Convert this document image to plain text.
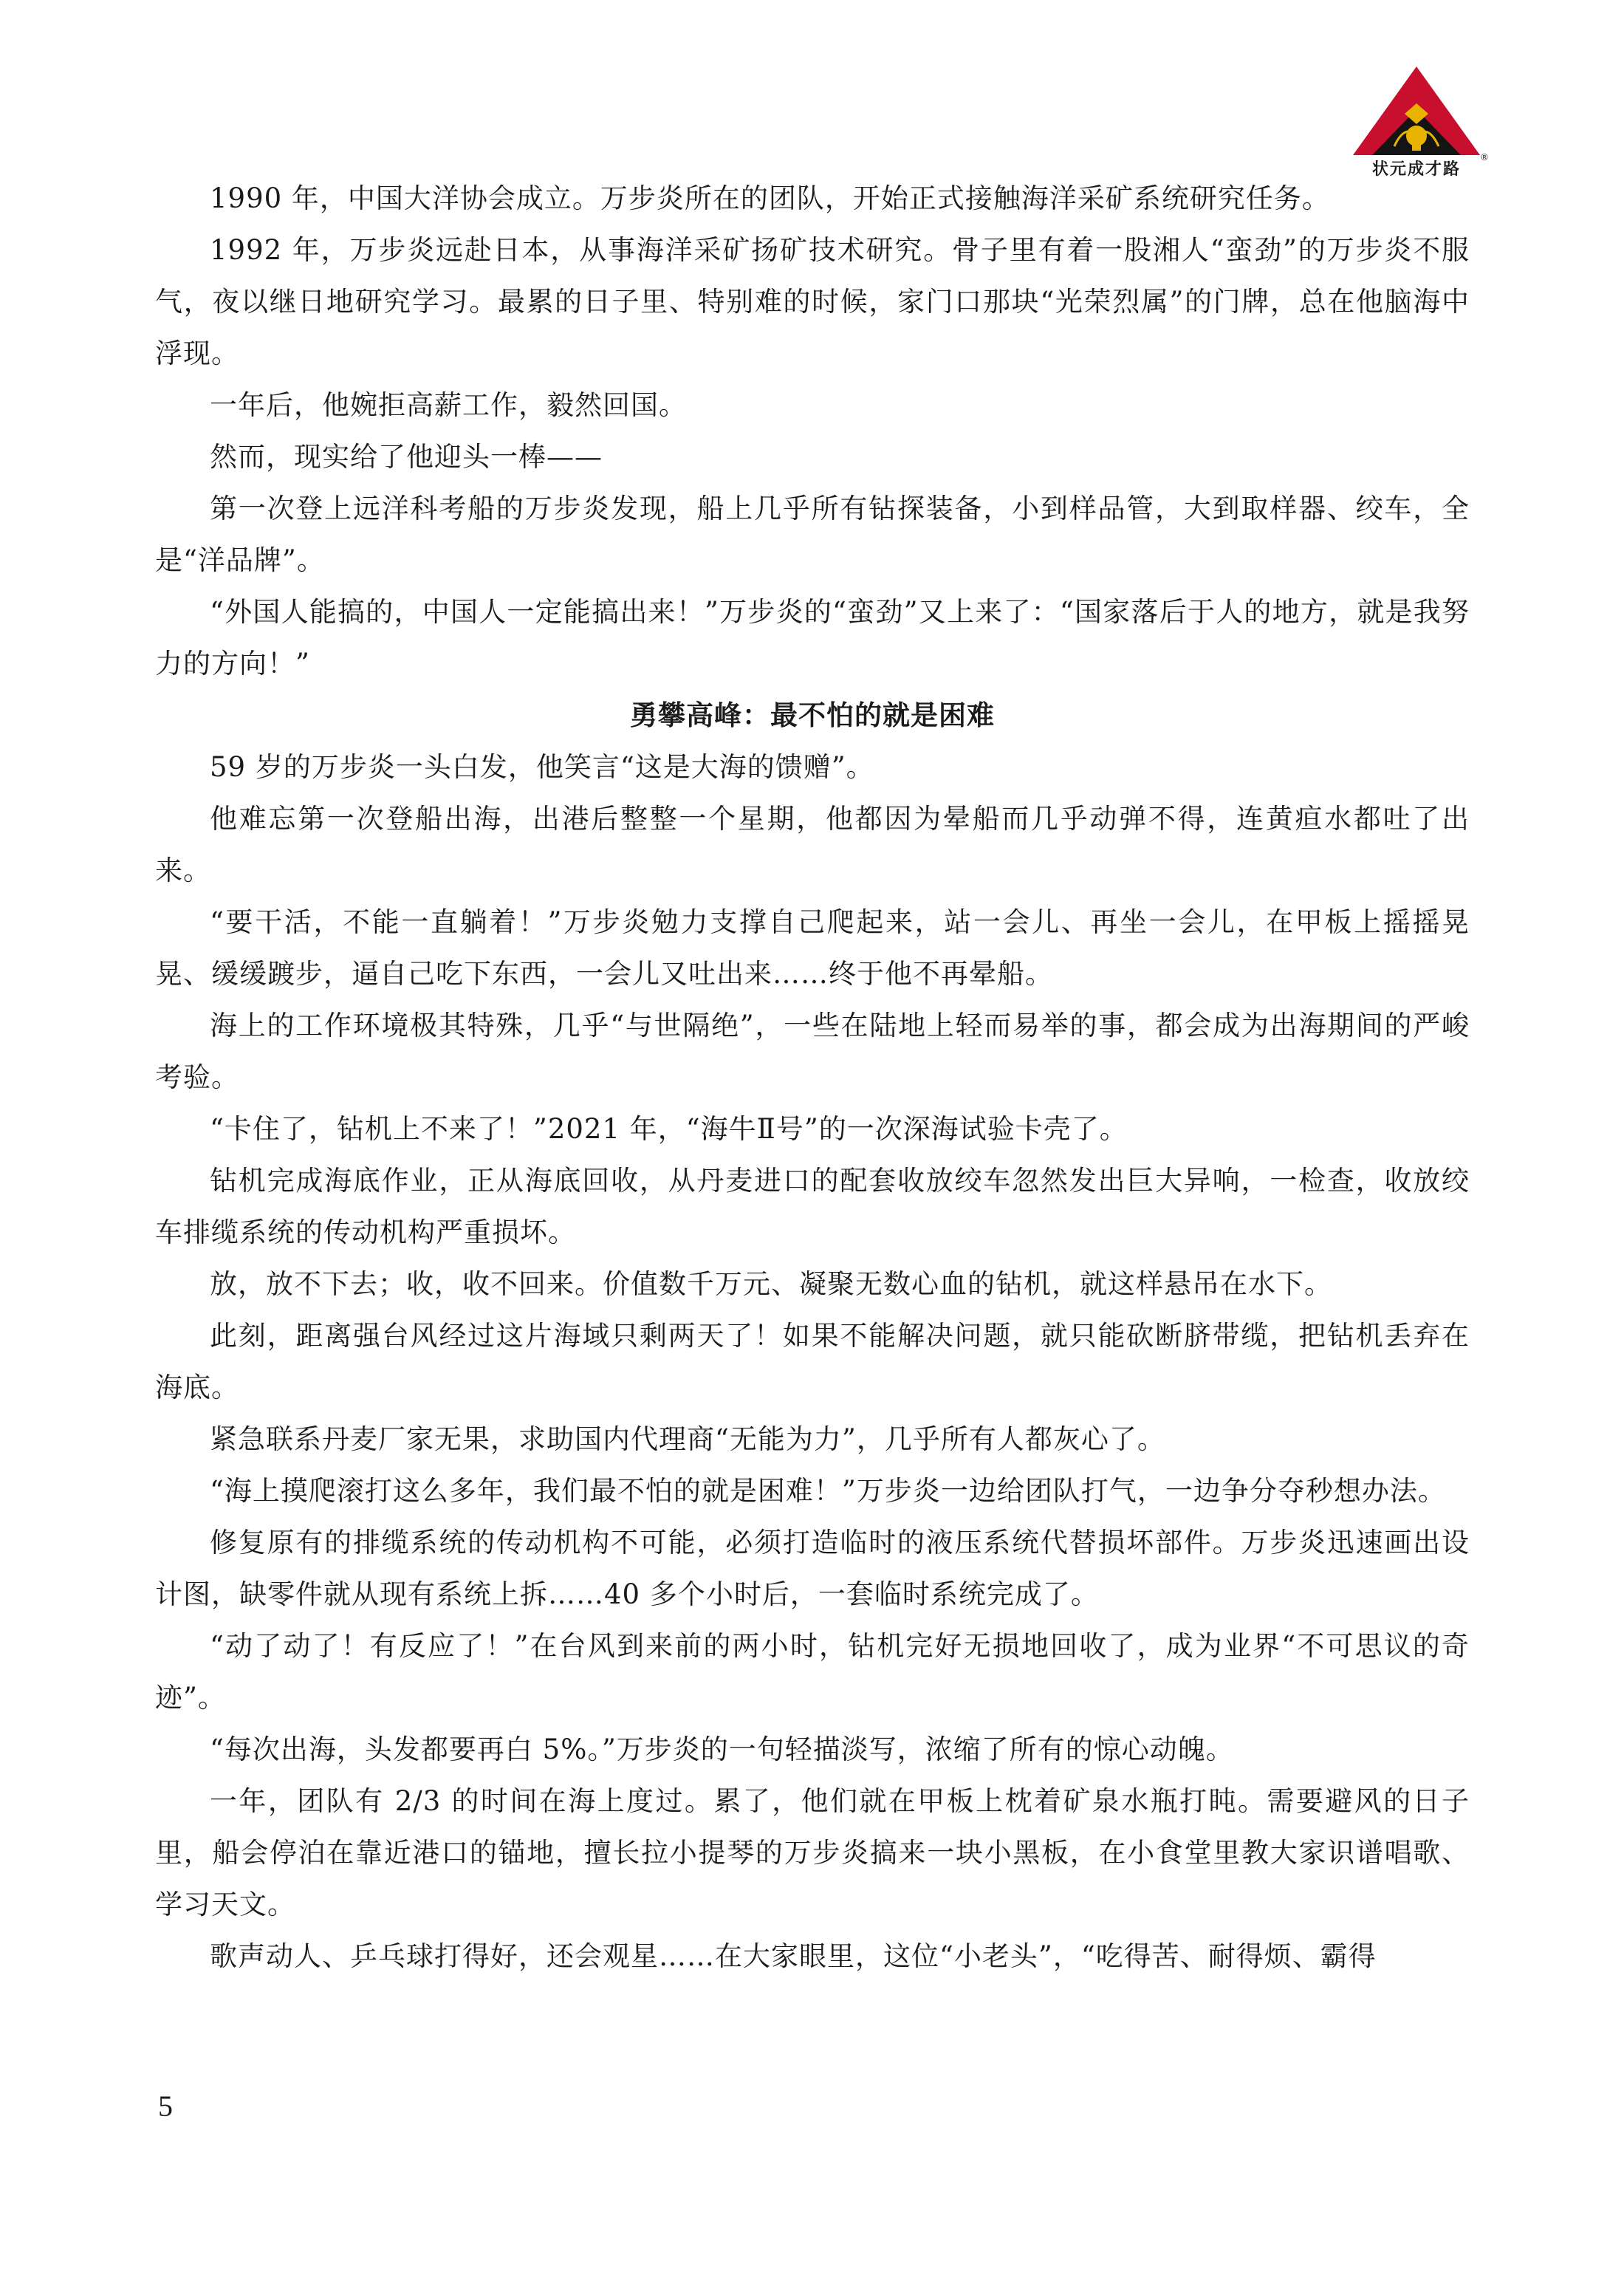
状元成才路
®

1990 年，中国大洋协会成立。万步炎所在的团队，开始正式接触海洋采矿系统研究任务。

1992 年，万步炎远赴日本，从事海洋采矿扬矿技术研究。骨子里有着一股湘人“蛮劲”的万步炎不服气，夜以继日地研究学习。最累的日子里、特别难的时候，家门口那块“光荣烈属”的门牌，总在他脑海中浮现。

一年后，他婉拒高薪工作，毅然回国。

然而，现实给了他迎头一棒——

第一次登上远洋科考船的万步炎发现，船上几乎所有钻探装备，小到样品管，大到取样器、绞车，全是“洋品牌”。

“外国人能搞的，中国人一定能搞出来！”万步炎的“蛮劲”又上来了：“国家落后于人的地方，就是我努力的方向！”

勇攀高峰：最不怕的就是困难

59 岁的万步炎一头白发，他笑言“这是大海的馈赠”。

他难忘第一次登船出海，出港后整整一个星期，他都因为晕船而几乎动弹不得，连黄疸水都吐了出来。

“要干活，不能一直躺着！”万步炎勉力支撑自己爬起来，站一会儿、再坐一会儿，在甲板上摇摇晃晃、缓缓踱步，逼自己吃下东西，一会儿又吐出来……终于他不再晕船。

海上的工作环境极其特殊，几乎“与世隔绝”，一些在陆地上轻而易举的事，都会成为出海期间的严峻考验。

“卡住了，钻机上不来了！”2021 年，“海牛Ⅱ号”的一次深海试验卡壳了。

钻机完成海底作业，正从海底回收，从丹麦进口的配套收放绞车忽然发出巨大异响，一检查，收放绞车排缆系统的传动机构严重损坏。

放，放不下去；收，收不回来。价值数千万元、凝聚无数心血的钻机，就这样悬吊在水下。

此刻，距离强台风经过这片海域只剩两天了！如果不能解决问题，就只能砍断脐带缆，把钻机丢弃在海底。

紧急联系丹麦厂家无果，求助国内代理商“无能为力”，几乎所有人都灰心了。

“海上摸爬滚打这么多年，我们最不怕的就是困难！”万步炎一边给团队打气，一边争分夺秒想办法。

修复原有的排缆系统的传动机构不可能，必须打造临时的液压系统代替损坏部件。万步炎迅速画出设计图，缺零件就从现有系统上拆……40 多个小时后，一套临时系统完成了。

“动了动了！有反应了！”在台风到来前的两小时，钻机完好无损地回收了，成为业界“不可思议的奇迹”。

“每次出海，头发都要再白 5%。”万步炎的一句轻描淡写，浓缩了所有的惊心动魄。

一年，团队有 2/3 的时间在海上度过。累了，他们就在甲板上枕着矿泉水瓶打盹。需要避风的日子里，船会停泊在靠近港口的锚地，擅长拉小提琴的万步炎搞来一块小黑板，在小食堂里教大家识谱唱歌、学习天文。

歌声动人、乒乓球打得好，还会观星……在大家眼里，这位“小老头”，“吃得苦、耐得烦、霸得

5
